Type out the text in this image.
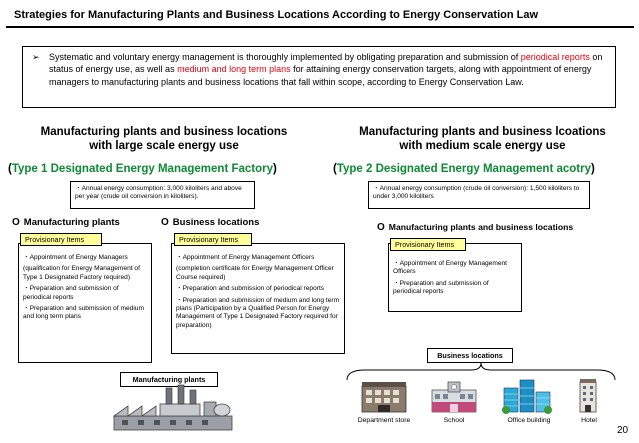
Strategies for Manufacturing Plants and Business Locations According to Energy Conservation Law
➢ Systematic and voluntary energy management is thoroughly implemented by obligating preparation and submission of periodical reports on status of energy use, as well as medium and long term plans for attaining energy conservation targets, along with appointment of energy managers to manufacturing plants and business locations that fall within scope, according to Energy Conservation Law.
Manufacturing plants and business locations
with large scale energy use
(Type 1 Designated Energy Management Factory)
・Annual energy consumption: 3,000 kiloliters and above per year (crude oil conversion in kiloliters).
Manufacturing plants and business lcoations
with medium scale energy use
(Type 2 Designated Energy Management acotry)
・Annual energy consumption (crude oil conversion): 1,500 kiloliters to under 3,000 kiloliters
O Manufacturing plants

・Appointment of Energy Managers

(qualification for Energy Management of Type 1 Designated Factory required)

・Preparation and submission of periodical reports

・Preparation and submission of medium and long term plans

Provisionary Items
O Business locations

・Appointment of Energy Management Officers

(completion certificate for Energy Management Officer Course required)

・Preparation and submission of periodical reports

・Preparation and submission of medium and long term plans (Participation by a Qualified Person for Energy Management of Type 1 Designated Factory required for preparation)

Provisionary Items
O Manufacturing plants and business locations

・Appointment of Energy Management Officers

・Preparation and submission of periodical reports

Provisionary Items
Manufacturing plants
Business locations
Department store	School	Office building	Hotel
20
